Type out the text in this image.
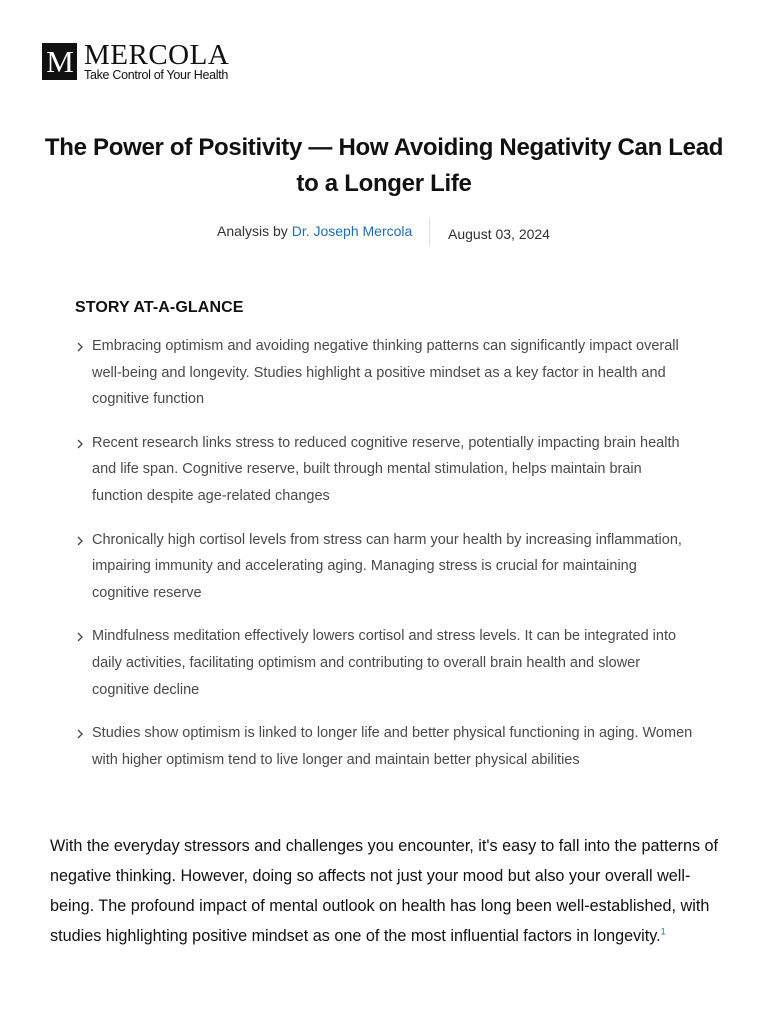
M MERCOLA
Take Control of Your Health
The Power of Positivity — How Avoiding Negativity Can Lead to a Longer Life
Analysis by Dr. Joseph Mercola	August 03, 2024
STORY AT-A-GLANCE
Embracing optimism and avoiding negative thinking patterns can significantly impact overall well-being and longevity. Studies highlight a positive mindset as a key factor in health and cognitive function
Recent research links stress to reduced cognitive reserve, potentially impacting brain health and life span. Cognitive reserve, built through mental stimulation, helps maintain brain function despite age-related changes
Chronically high cortisol levels from stress can harm your health by increasing inflammation, impairing immunity and accelerating aging. Managing stress is crucial for maintaining cognitive reserve
Mindfulness meditation effectively lowers cortisol and stress levels. It can be integrated into daily activities, facilitating optimism and contributing to overall brain health and slower cognitive decline
Studies show optimism is linked to longer life and better physical functioning in aging. Women with higher optimism tend to live longer and maintain better physical abilities

With the everyday stressors and challenges you encounter, it's easy to fall into the patterns of negative thinking. However, doing so affects not just your mood but also your overall well-being. The profound impact of mental outlook on health has long been well-established, with studies highlighting positive mindset as one of the most influential factors in longevity.$^1$
